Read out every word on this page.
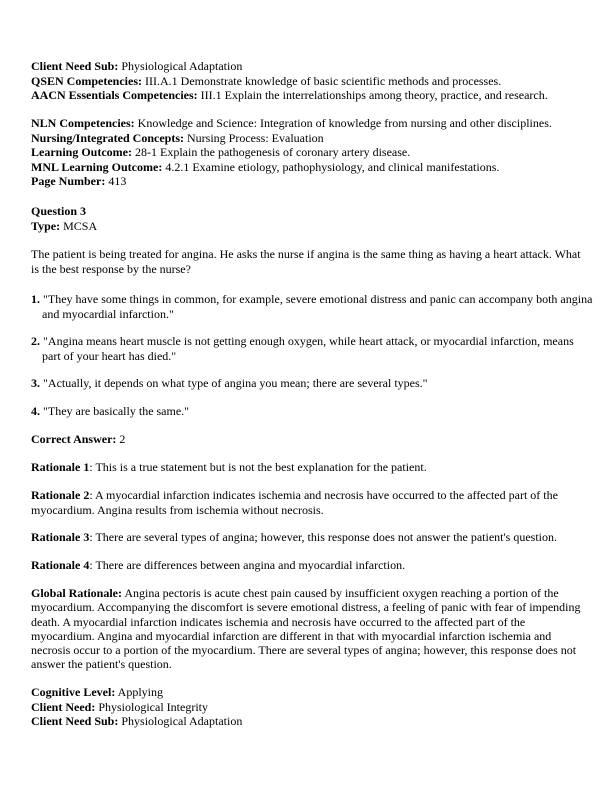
Client Need Sub: Physiological Adaptation
QSEN Competencies: III.A.1 Demonstrate knowledge of basic scientific methods and processes.
AACN Essentials Competencies: III.1 Explain the interrelationships among theory, practice, and research.
NLN Competencies: Knowledge and Science: Integration of knowledge from nursing and other disciplines.
Nursing/Integrated Concepts: Nursing Process: Evaluation
Learning Outcome: 28-1 Explain the pathogenesis of coronary artery disease.
MNL Learning Outcome: 4.2.1 Examine etiology, pathophysiology, and clinical manifestations.
Page Number: 413
Question 3
Type: MCSA
The patient is being treated for angina. He asks the nurse if angina is the same thing as having a heart attack. What is the best response by the nurse?
1. "They have some things in common, for example, severe emotional distress and panic can accompany both angina and myocardial infarction."
2. "Angina means heart muscle is not getting enough oxygen, while heart attack, or myocardial infarction, means part of your heart has died."
3. "Actually, it depends on what type of angina you mean; there are several types."
4. "They are basically the same."
Correct Answer: 2
Rationale 1: This is a true statement but is not the best explanation for the patient.
Rationale 2: A myocardial infarction indicates ischemia and necrosis have occurred to the affected part of the myocardium. Angina results from ischemia without necrosis.
Rationale 3: There are several types of angina; however, this response does not answer the patient's question.
Rationale 4: There are differences between angina and myocardial infarction.
Global Rationale: Angina pectoris is acute chest pain caused by insufficient oxygen reaching a portion of the myocardium. Accompanying the discomfort is severe emotional distress, a feeling of panic with fear of impending death. A myocardial infarction indicates ischemia and necrosis have occurred to the affected part of the myocardium. Angina and myocardial infarction are different in that with myocardial infarction ischemia and necrosis occur to a portion of the myocardium. There are several types of angina; however, this response does not answer the patient's question.
Cognitive Level: Applying
Client Need: Physiological Integrity
Client Need Sub: Physiological Adaptation
